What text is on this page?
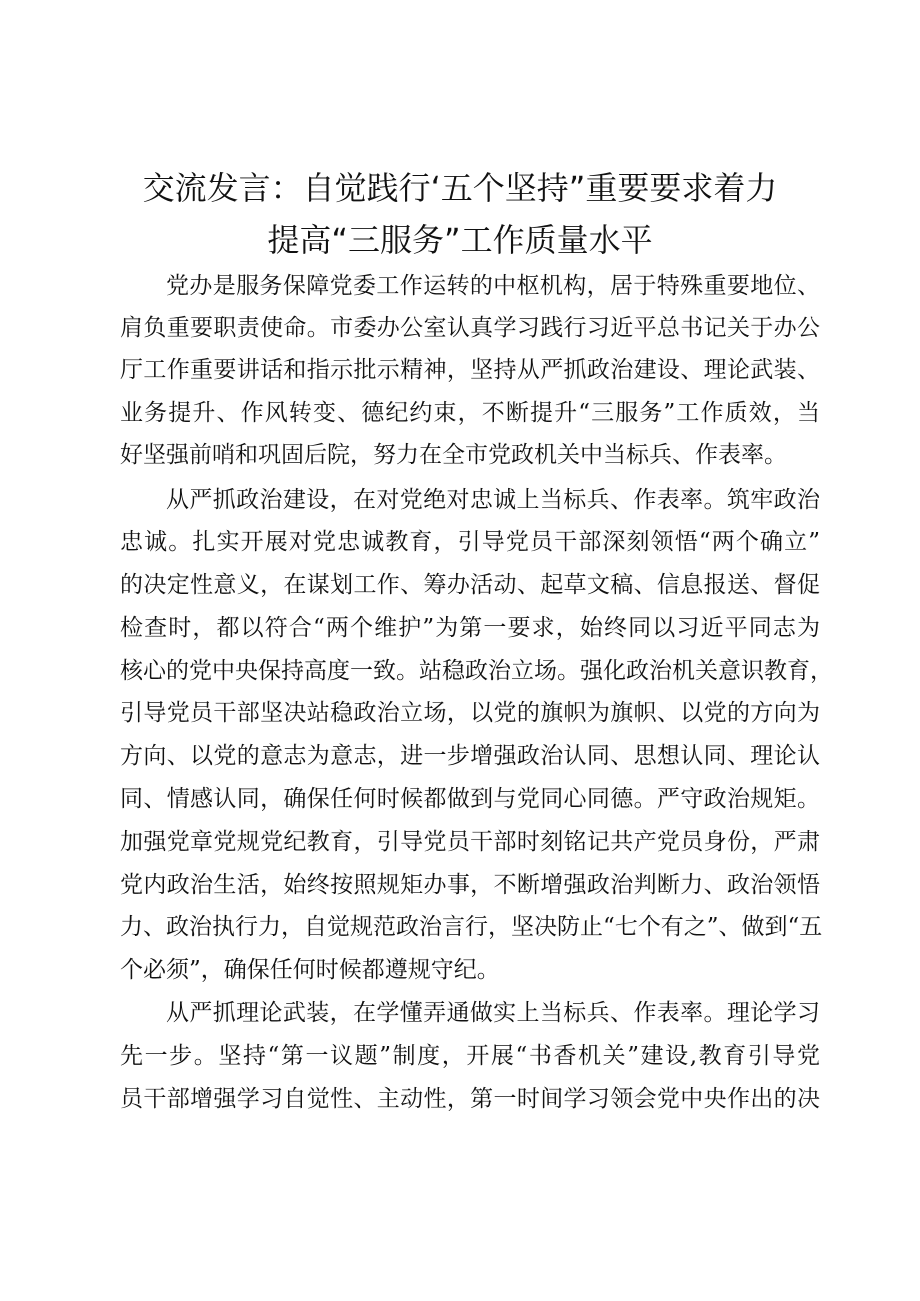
交流发言：自觉践行‘五个坚持”重要要求着力
提高“三服务”工作质量水平

党办是服务保障党委工作运转的中枢机构，居于特殊重要地位、

肩负重要职责使命。市委办公室认真学习践行习近平总书记关于办公

厅工作重要讲话和指示批示精神，坚持从严抓政治建设、理论武装、

业务提升、作风转变、德纪约束，不断提升“三服务”工作质效，当

好坚强前哨和巩固后院，努力在全市党政机关中当标兵、作表率。

从严抓政治建设，在对党绝对忠诚上当标兵、作表率。筑牢政治

忠诚。扎实开展对党忠诚教育，引导党员干部深刻领悟“两个确立”

的决定性意义，在谋划工作、筹办活动、起草文稿、信息报送、督促

检查时，都以符合“两个维护”为第一要求，始终同以习近平同志为

核心的党中央保持高度一致。站稳政治立场。强化政治机关意识教育，

引导党员干部坚决站稳政治立场，以党的旗帜为旗帜、以党的方向为

方向、以党的意志为意志，进一步增强政治认同、思想认同、理论认

同、情感认同，确保任何时候都做到与党同心同德。严守政治规矩。

加强党章党规党纪教育，引导党员干部时刻铭记共产党员身份，严肃

党内政治生活，始终按照规矩办事，不断增强政治判断力、政治领悟

力、政治执行力，自觉规范政治言行，坚决防止“七个有之”、做到“五

个必须”，确保任何时候都遵规守纪。

从严抓理论武装，在学懂弄通做实上当标兵、作表率。理论学习

先一步。坚持“第一议题”制度，开展“书香机关”建设,教育引导党

员干部增强学习自觉性、主动性，第一时间学习领会党中央作出的决
